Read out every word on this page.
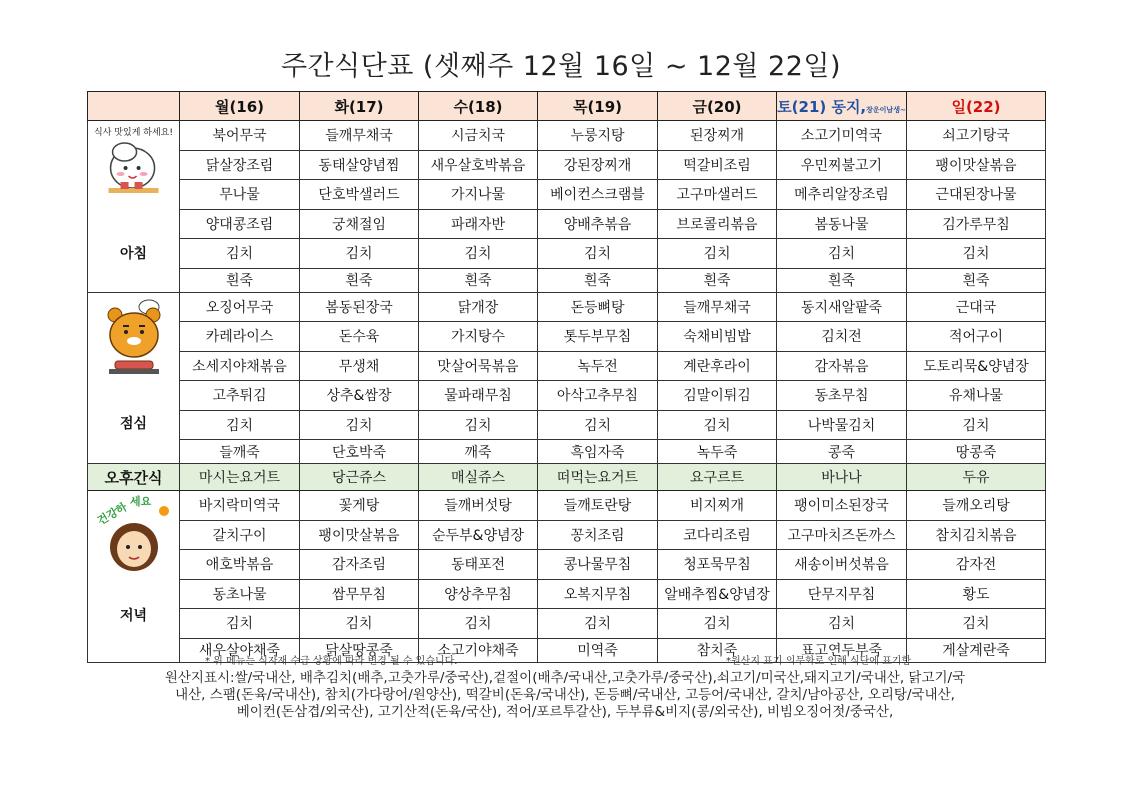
주간식단표 (셋째주 12월 16일 ~ 12월 22일)
	월(16)	화(17)	수(18)	목(19)	금(20)	토(21) 동지,장운이남생~	일(22)

식사 맛있게 하세요!
아침	북어무국	들깨무채국	시금치국	누룽지탕	된장찌개	소고기미역국	쇠고기탕국
	닭살장조림	동태살양념찜	새우살호박볶음	강된장찌개	떡갈비조림	우민찌불고기	팽이맛살볶음
	무나물	단호박샐러드	가지나물	베이컨스크램블	고구마샐러드	메추리알장조림	근대된장나물
	양대콩조림	궁채절임	파래자반	양배추볶음	브로콜리볶음	봄동나물	김가루무침
	김치	김치	김치	김치	김치	김치	김치
	흰죽	흰죽	흰죽	흰죽	흰죽	흰죽	흰죽

점심	오징어무국	봄동된장국	닭개장	돈등뼈탕	들깨무채국	동지새알팥죽	근대국
	카레라이스	돈수육	가지탕수	톳두부무침	숙채비빔밥	김치전	적어구이
	소세지야채볶음	무생채	맛살어묵볶음	녹두전	계란후라이	감자볶음	도토리묵&양념장
	고추튀김	상추&쌈장	물파래무침	아삭고추무침	김말이튀김	동초무침	유채나물
	김치	김치	김치	김치	김치	나박물김치	김치
	들깨죽	단호박죽	깨죽	흑임자죽	녹두죽	콩죽	땅콩죽
오후간식	마시는요거트	당근쥬스	매실쥬스	떠먹는요거트	요구르트	바나나	두유

건강하 세요
저녁	바지락미역국	꽃게탕	들깨버섯탕	들깨토란탕	비지찌개	팽이미소된장국	들깨오리탕
	갈치구이	팽이맛살볶음	순두부&양념장	꽁치조림	코다리조림	고구마치즈돈까스	참치김치볶음
	애호박볶음	감자조림	동태포전	콩나물무침	청포묵무침	새송이버섯볶음	감자전
	동초나물	쌈무무침	양상추무침	오복지무침	알배추찜&양념장	단무지무침	황도
	김치	김치	김치	김치	김치	김치	김치
	새우살야채죽	닭살땅콩죽	소고기야채죽	미역죽	참치죽	표고연두부죽	게살계란죽
* 위 메뉴는 식자재 수급 상황에 따라 변경 될 수 있습니다.	*원산지 표기 의무화로 인해 식단에 표기함
원산지표시:쌀/국내산, 배추김치(배추,고춧가루/중국산),겉절이(배추/국내산,고춧가루/중국산),쇠고기/미국산,돼지고기/국내산, 닭고기/국
내산, 스팸(돈육/국내산), 참치(가다랑어/원양산), 떡갈비(돈육/국내산), 돈등뼈/국내산, 고등어/국내산, 갈치/남아공산, 오리탕/국내산,
베이컨(돈삼겹/외국산), 고기산적(돈육/국산), 적어/포르투갈산), 두부류&비지(콩/외국산), 비빔오징어젓/중국산,
